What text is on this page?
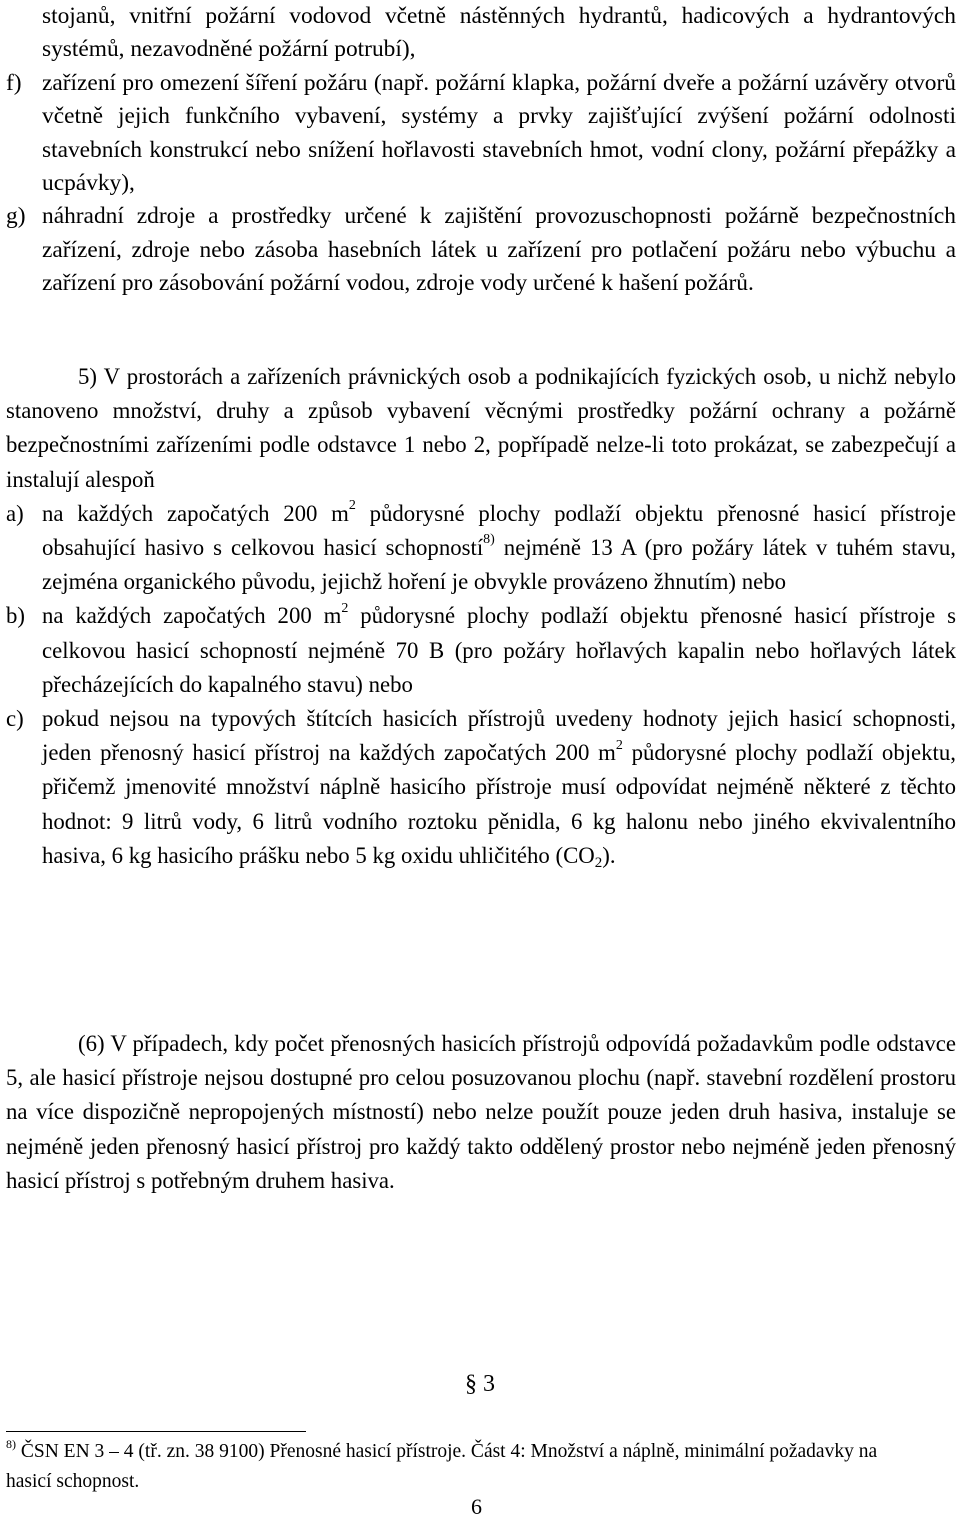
stojanů, vnitřní požární vodovod včetně nástěnných hydrantů, hadicových a hydrantových systémů, nezavodněné požární potrubí),

f) zařízení pro omezení šíření požáru (např. požární klapka, požární dveře a požární uzávěry otvorů včetně jejich funkčního vybavení, systémy a prvky zajišťující zvýšení požární odolnosti stavebních konstrukcí nebo snížení hořlavosti stavebních hmot, vodní clony, požární přepážky a ucpávky),

g) náhradní zdroje a prostředky určené k zajištění provozuschopnosti požárně bezpečnostních zařízení, zdroje nebo zásoba hasebních látek u zařízení pro potlačení požáru nebo výbuchu a zařízení pro zásobování požární vodou, zdroje vody určené k hašení požárů.

5) V prostorách a zařízeních právnických osob a podnikajících fyzických osob, u nichž nebylo stanoveno množství, druhy a způsob vybavení věcnými prostředky požární ochrany a požárně bezpečnostními zařízeními podle odstavce 1 nebo 2, popřípadě nelze-li toto prokázat, se zabezpečují a instalují alespoň

a) na každých započatých 200 $m^2$ půdorysné plochy podlaží objektu přenosné hasicí přístroje obsahující hasivo s celkovou hasicí schopností$^{8)}$ nejméně 13 A (pro požáry látek v tuhém stavu, zejména organického původu, jejichž hoření je obvykle provázeno žhnutím) nebo

b) na každých započatých 200 $m^2$ půdorysné plochy podlaží objektu přenosné hasicí přístroje s celkovou hasicí schopností nejméně 70 B (pro požáry hořlavých kapalin nebo hořlavých látek přecházejících do kapalného stavu) nebo

c) pokud nejsou na typových štítcích hasicích přístrojů uvedeny hodnoty jejich hasicí schopnosti, jeden přenosný hasicí přístroj na každých započatých 200 $m^2$ půdorysné plochy podlaží objektu, přičemž jmenovité množství náplně hasicího přístroje musí odpovídat nejméně některé z těchto hodnot: 9 litrů vody, 6 litrů vodního roztoku pěnidla, 6 kg halonu nebo jiného ekvivalentního hasiva, 6 kg hasicího prášku nebo 5 kg oxidu uhličitého $(CO_2)$.

(6) V případech, kdy počet přenosných hasicích přístrojů odpovídá požadavkům podle odstavce 5, ale hasicí přístroje nejsou dostupné pro celou posuzovanou plochu (např. stavební rozdělení prostoru na více dispozičně nepropojených místností) nebo nelze použít pouze jeden druh hasiva, instaluje se nejméně jeden přenosný hasicí přístroj pro každý takto oddělený prostor nebo nejméně jeden přenosný hasicí přístroj s potřebným druhem hasiva.

§ 3

$^{8)}$ ČSN EN 3 – 4 (tř. zn. 38 9100) Přenosné hasicí přístroje. Část 4: Množství a náplně, minimální požadavky na hasicí schopnost.

6
